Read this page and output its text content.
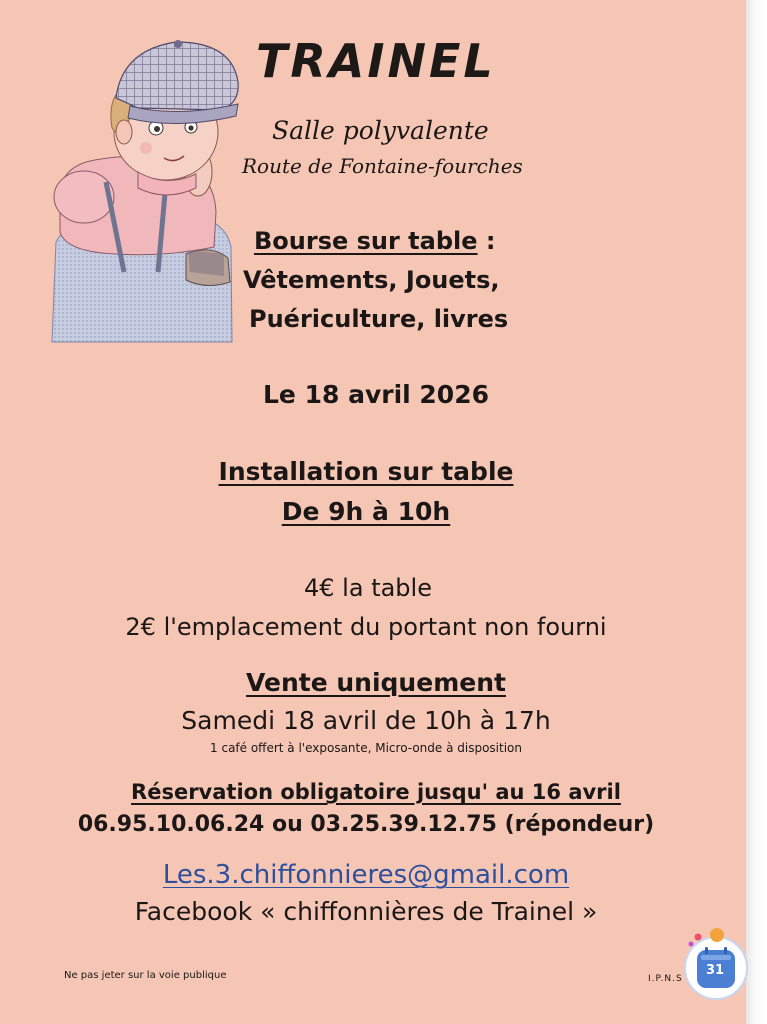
TRAINEL
Salle polyvalente
Route de Fontaine-fourches
Bourse sur table :
Vêtements, Jouets,
Puériculture, livres
Le 18 avril 2026
Installation sur table
De 9h à 10h
4€ la table
2€ l'emplacement du portant non fourni
Vente uniquement
Samedi 18 avril de 10h à 17h
1 café offert à l'exposante, Micro-onde à disposition
Réservation obligatoire jusqu' au 16 avril
06.95.10.06.24 ou 03.25.39.12.75 (répondeur)
Les.3.chiffonnieres@gmail.com
Facebook « chiffonnières de Trainel »
Ne pas jeter sur la voie publique	I.P.N.S
31
